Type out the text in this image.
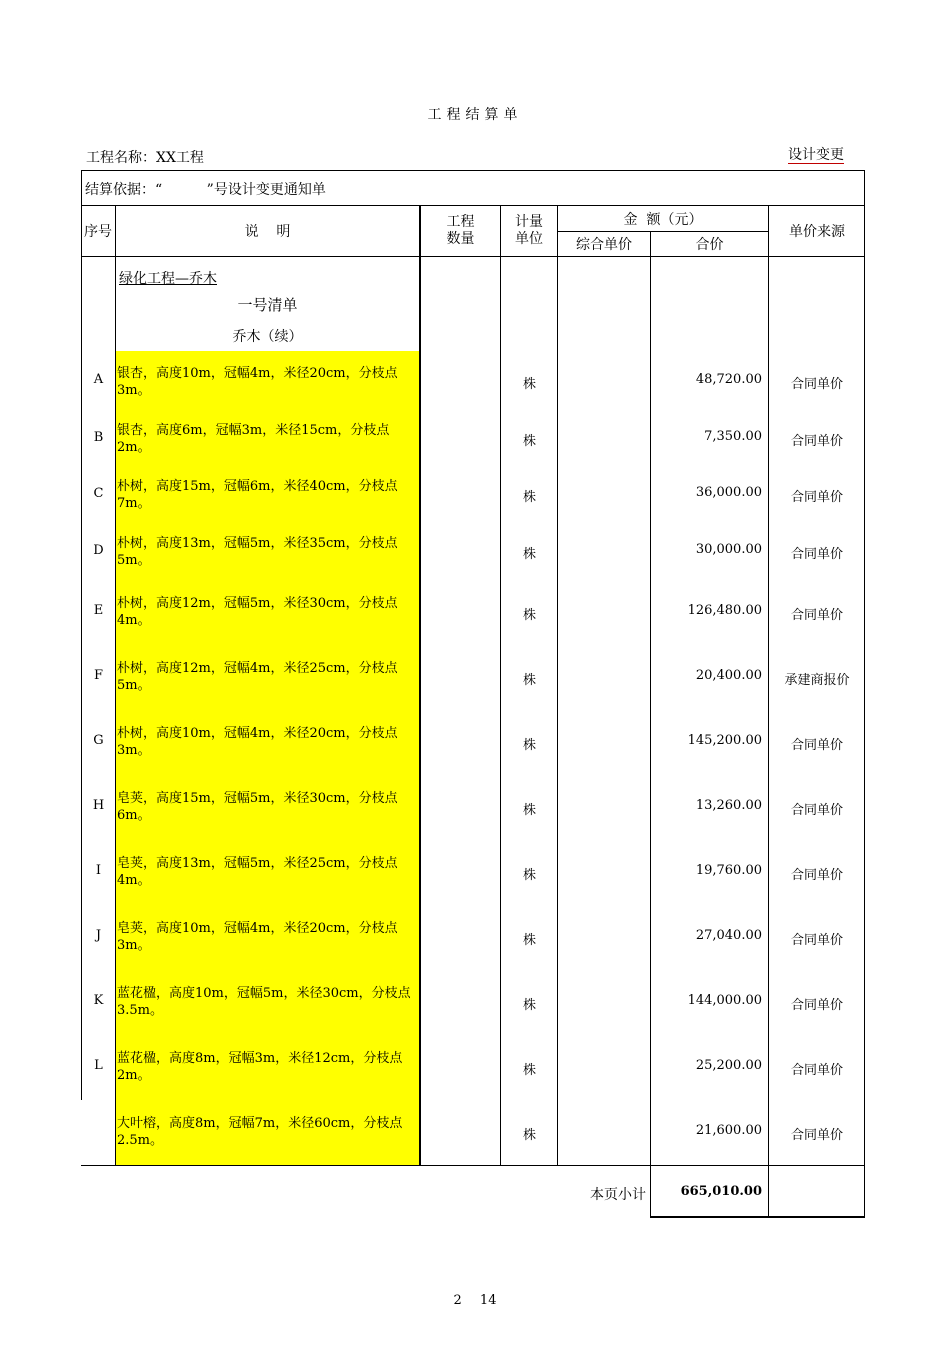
工程结算单
工程名称：XX工程	设计变更
结算依据：“          ”号设计变更通知单
序号	说    明
工程
数量
计量
单位
金  额（元）
综合单价	合价
单价来源
绿化工程—乔木
一号清单
乔木（续）
A	银杏，高度10m，冠幅4m，米径20cm，分枝点3m。	株	48,720.00	合同单价
B	银杏，高度6m，冠幅3m，米径15cm，分枝点2m。	株	7,350.00	合同单价
C	朴树，高度15m，冠幅6m，米径40cm，分枝点7m。	株	36,000.00	合同单价
D	朴树，高度13m，冠幅5m，米径35cm，分枝点5m。	株	30,000.00	合同单价
E	朴树，高度12m，冠幅5m，米径30cm，分枝点4m。	株	126,480.00	合同单价
F	朴树，高度12m，冠幅4m，米径25cm，分枝点5m。	株	20,400.00	承建商报价
G	朴树，高度10m，冠幅4m，米径20cm，分枝点3m。	株	145,200.00	合同单价
H 皂荚，高度15m，冠幅5m，米径30cm，分枝点6m。	株	13,260.00	合同单价
I	皂荚，高度13m，冠幅5m，米径25cm，分枝点4m。	株	19,760.00	合同单价
J	皂荚，高度10m，冠幅4m，米径20cm，分枝点3m。	株	27,040.00	合同单价
K	蓝花楹，高度10m，冠幅5m，米径30cm，分枝点3.5m。	株	144,000.00	合同单价
L	蓝花楹，高度8m，冠幅3m，米径12cm，分枝点2m。	株	25,200.00	合同单价
大叶榕，高度8m，冠幅7m，米径60cm，分枝点2.5m。	株	21,600.00	合同单价
本页小计	665,010.00
2 14
